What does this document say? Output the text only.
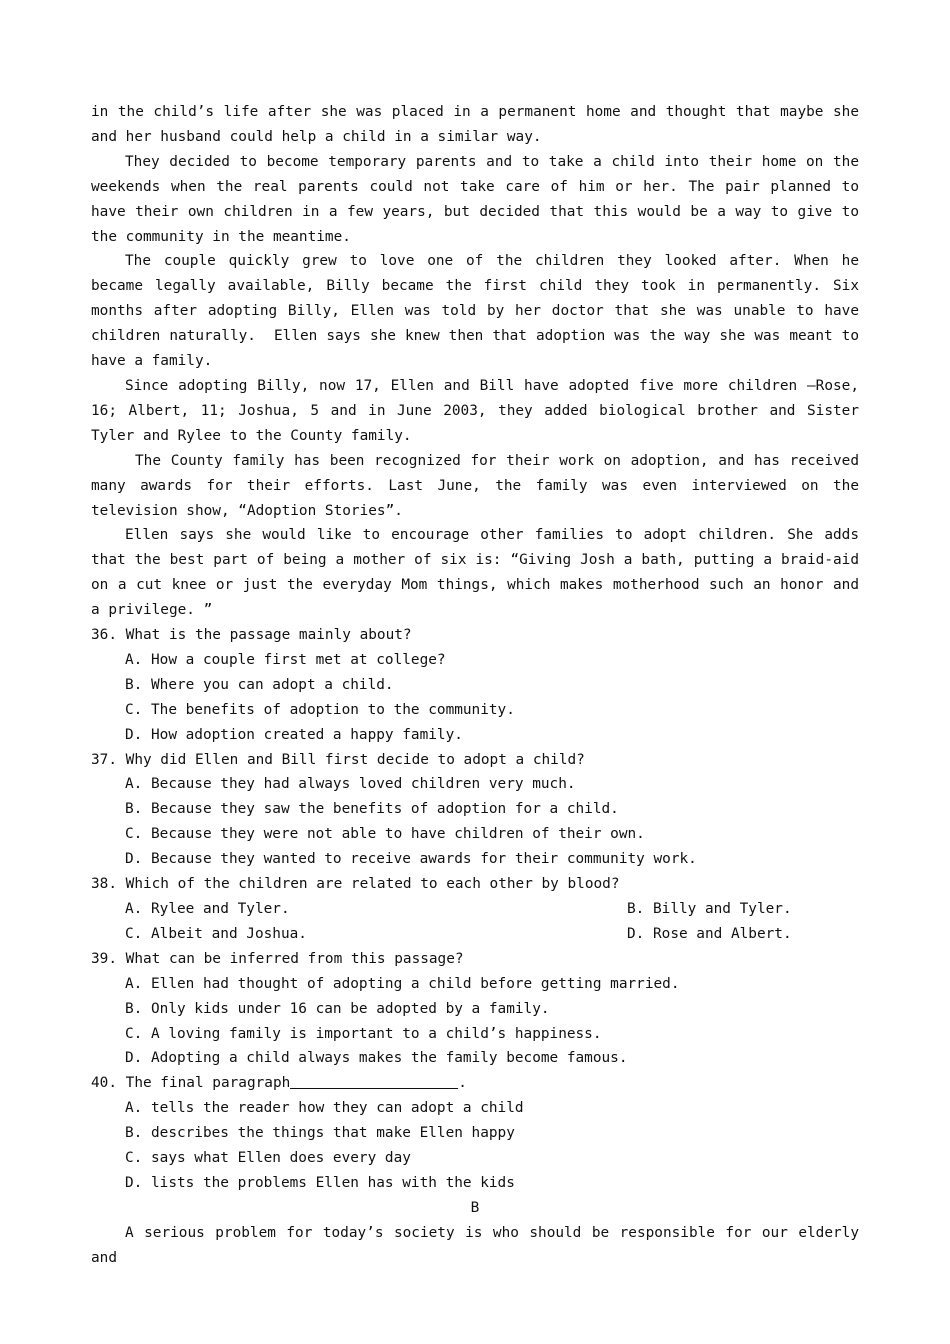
in the child’s life after she was placed in a permanent home and thought that maybe she and her husband could help a child in a similar way.

They decided to become temporary parents and to take a child into their home on the weekends when the real parents could not take care of him or her. The pair planned to have their own children in a few years, but decided that this would be a way to give to the community in the meantime.

The couple quickly grew to love one of the children they looked after. When he became legally available, Billy became the first child they took in permanently. Six months after adopting Billy, Ellen was told by her doctor that she was unable to have children naturally.  Ellen says she knew then that adoption was the way she was meant to have a family.

Since adopting Billy, now 17, Ellen and Bill have adopted five more children —Rose, 16; Albert, 11; Joshua, 5 and in June 2003, they added biological brother and Sister Tyler and Rylee to the County family.

The County family has been recognized for their work on adoption, and has received many awards for their efforts. Last June, the family was even interviewed on the television show, “Adoption Stories”.

Ellen says she would like to encourage other families to adopt children. She adds that the best part of being a mother of six is: “Giving Josh a bath, putting a braid-aid on a cut knee or just the everyday Mom things, which makes motherhood such an honor and a privilege. ”

36. What is the passage mainly about?

A. How a couple first met at college?

B. Where you can adopt a child.

C. The benefits of adoption to the community.

D. How adoption created a happy family.

37. Why did Ellen and Bill first decide to adopt a child?

A. Because they had always loved children very much.

B. Because they saw the benefits of adoption for a child.

C. Because they were not able to have children of their own.

D. Because they wanted to receive awards for their community work.

38. Which of the children are related to each other by blood?

A. Rylee and Tyler.	B. Billy and Tyler.
C. Albeit and Joshua.	D. Rose and Albert.

39. What can be inferred from this passage?

A. Ellen had thought of adopting a child before getting married.

B. Only kids under 16 can be adopted by a family.

C. A loving family is important to a child’s happiness.

D. Adopting a child always makes the family become famous.

40. The final paragraph	.

A. tells the reader how they can adopt a child

B. describes the things that make Ellen happy

C. says what Ellen does every day

D. lists the problems Ellen has with the kids

B

A serious problem for today’s society is who should be responsible for our elderly and
